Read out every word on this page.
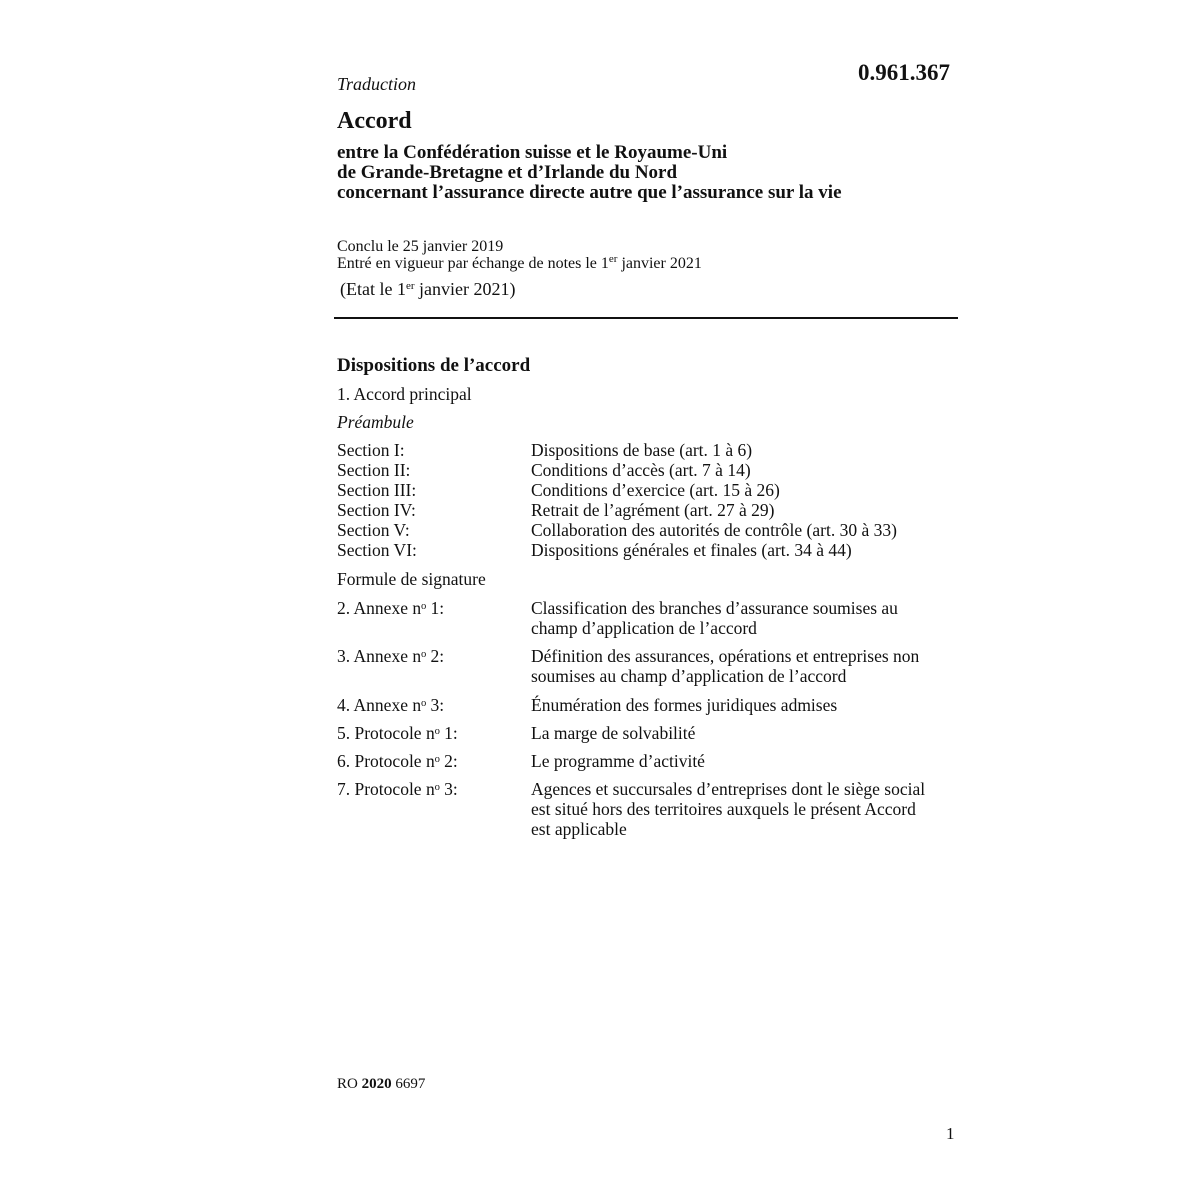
Traduction	0.961.367
Accord
entre la Confédération suisse et le Royaume-Uni
de Grande-Bretagne et d’Irlande du Nord
concernant l’assurance directe autre que l’assurance sur la vie
Conclu le 25 janvier 2019
Entré en vigueur par échange de notes le 1er janvier 2021
(Etat le 1er janvier 2021)
Dispositions de l’accord
1. Accord principal
Préambule
Section I:	Dispositions de base (art. 1 à 6)
Section II:	Conditions d’accès (art. 7 à 14)
Section III:	Conditions d’exercice (art. 15 à 26)
Section IV:	Retrait de l’agrément (art. 27 à 29)
Section V:	Collaboration des autorités de contrôle (art. 30 à 33)
Section VI:	Dispositions générales et finales (art. 34 à 44)
Formule de signature
2. Annexe nᵒ 1:	Classification des branches d’assurance soumises au
champ d’application de l’accord
3. Annexe nᵒ 2:	Définition des assurances, opérations et entreprises non
soumises au champ d’application de l’accord
4. Annexe nᵒ 3:	Énumération des formes juridiques admises
5. Protocole nᵒ 1:	La marge de solvabilité
6. Protocole nᵒ 2:	Le programme d’activité
7. Protocole nᵒ 3:	Agences et succursales d’entreprises dont le siège social
est situé hors des territoires auxquels le présent Accord
est applicable
RO 2020 6697
1
